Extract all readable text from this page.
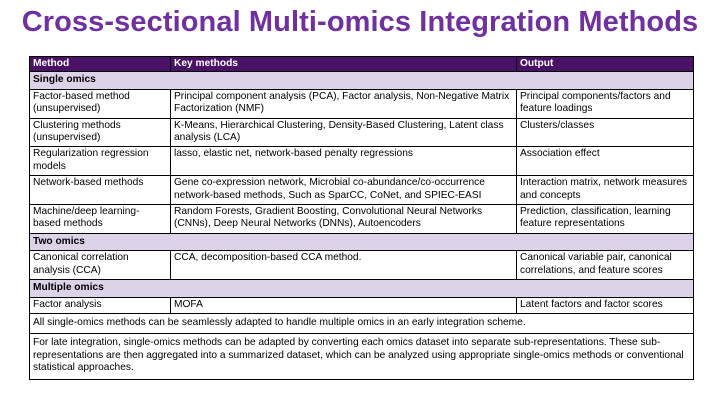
Cross-sectional Multi-omics Integration Methods
Method	Key methods	Output
Single omics		
Factor-based method (unsupervised)	Principal component analysis (PCA), Factor analysis, Non-Negative Matrix Factorization (NMF)	Principal components/factors and feature loadings
Clustering methods (unsupervised)	K-Means, Hierarchical Clustering, Density-Based Clustering, Latent class analysis (LCA)	Clusters/classes
Regularization regression models	lasso, elastic net, network-based penalty regressions	Association effect
Network-based methods	Gene co-expression network, Microbial co-abundance/co-occurrence network-based methods, Such as SparCC, CoNet, and SPIEC-EASI	Interaction matrix, network measures and concepts
Machine/deep learning-based methods	Random Forests, Gradient Boosting, Convolutional Neural Networks (CNNs), Deep Neural Networks (DNNs), Autoencoders	Prediction, classification, learning feature representations
Two omics		
Canonical correlation analysis (CCA)	CCA, decomposition-based CCA method.	Canonical variable pair, canonical correlations, and feature scores
Multiple omics		
Factor analysis	MOFA	Latent factors and factor scores
All single-omics methods can be seamlessly adapted to handle multiple omics in an early integration scheme.		
For late integration, single-omics methods can be adapted by converting each omics dataset into separate sub-representations. These sub-representations are then aggregated into a summarized dataset, which can be analyzed using appropriate single-omics methods or conventional statistical approaches.		
